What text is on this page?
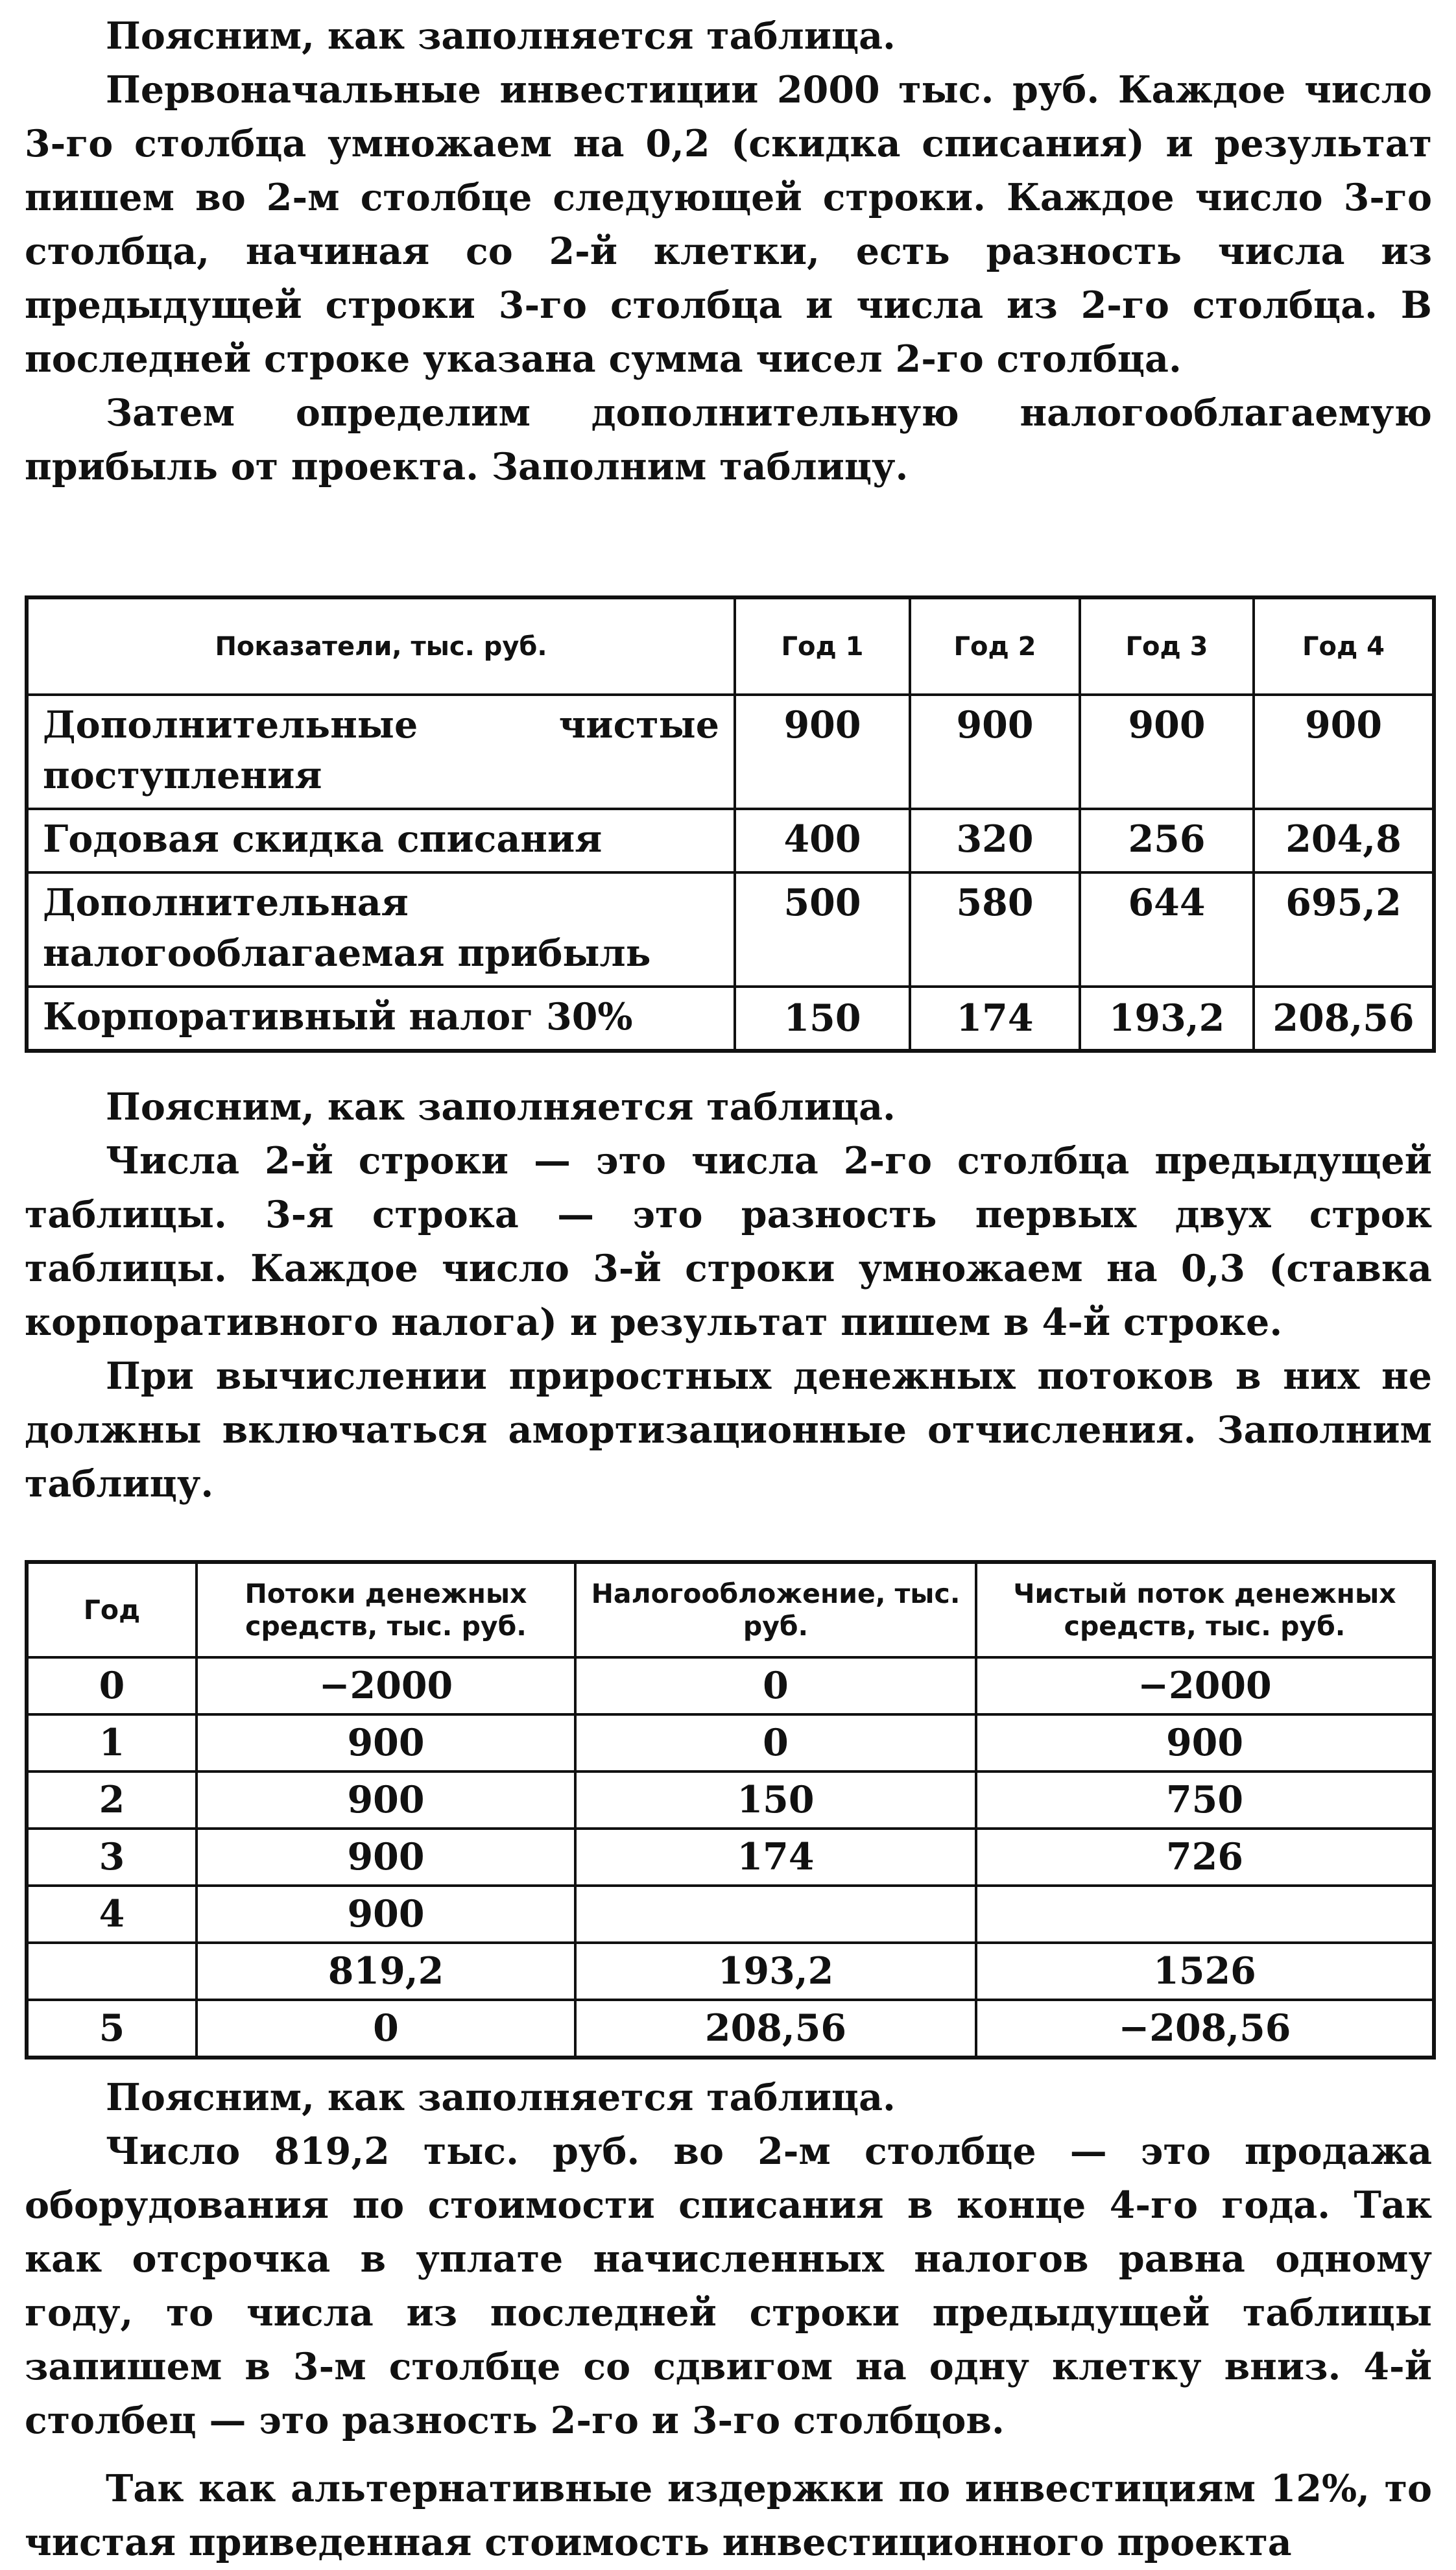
Поясним, как заполняется таблица.

Первоначальные инвестиции 2000 тыс. руб. Каждое число 3-го столбца умножаем на 0,2 (скидка списания) и результат пишем во 2-м столбце следующей строки. Каждое число 3-го столбца, начиная со 2-й клетки, есть разность числа из предыдущей строки 3-го столбца и числа из 2-го столбца. В последней строке указана сумма чисел 2-го столбца.

Затем определим дополнительную налогооблагаемую прибыль от проекта. Заполним таблицу.

Показатели, тыс. руб.	Год 1	Год 2	Год 3	Год 4
Дополнительные чистые поступления	900	900	900	900
Годовая скидка списания	400	320	256	204,8
Дополнительная налогооблагаемая прибыль	500	580	644	695,2
Корпоративный налог 30%	150	174	193,2	208,56

Поясним, как заполняется таблица.

Числа 2-й строки — это числа 2-го столбца предыдущей таблицы. 3-я строка — это разность первых двух строк таблицы. Каждое число 3-й строки умножаем на 0,3 (ставка корпоративного налога) и результат пишем в 4-й строке.

При вычислении приростных денежных потоков в них не должны включаться амортизационные отчисления. Заполним таблицу.

Год	Потоки денежных средств, тыс. руб.	Налогообложение, тыс. руб.	Чистый поток денежных средств, тыс. руб.
0	−2000	0	−2000
1	900	0	900
2	900	150	750
3	900	174	726
4	900		
	819,2	193,2	1526
5	0	208,56	−208,56

Поясним, как заполняется таблица.

Число 819,2 тыс. руб. во 2-м столбце — это продажа оборудования по стоимости списания в конце 4-го года. Так как отсрочка в уплате начисленных налогов равна одному году, то числа из последней строки предыдущей таблицы запишем в 3-м столбце со сдвигом на одну клетку вниз. 4-й столбец — это разность 2-го и 3-го столбцов.

Так как альтернативные издержки по инвестициям 12%, то чистая приведенная стоимость инвестиционного проекта
